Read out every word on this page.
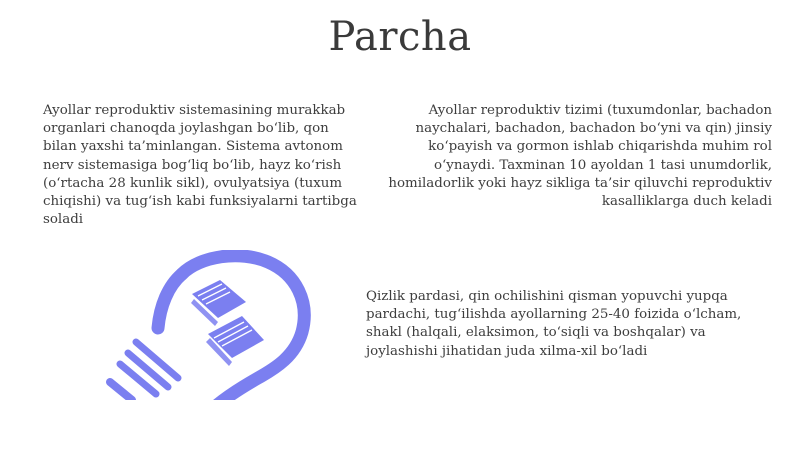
Parcha

Ayollar reproduktiv sistemasining murakkab organlari chanoqda joylashgan bo‘lib, qon bilan yaxshi ta’minlangan. Sistema avtonom nerv sistemasiga bog‘liq bo‘lib, hayz ko‘rish (o‘rtacha 28 kunlik sikl), ovulyatsiya (tuxum chiqishi) va tug‘ish kabi funksiyalarni tartibga soladi

Ayollar reproduktiv tizimi (tuxumdonlar, bachadon naychalari, bachadon, bachadon bo‘yni va qin) jinsiy ko‘payish va gormon ishlab chiqarishda muhim rol o‘ynaydi. Taxminan 10 ayoldan 1 tasi unumdorlik, homiladorlik yoki hayz sikliga ta’sir qiluvchi reproduktiv kasalliklarga duch keladi

Qizlik pardasi, qin ochilishini qisman yopuvchi yupqa pardachi, tug‘ilishda ayollarning 25-40 foizida o‘lcham, shakl (halqali, elaksimon, to‘siqli va boshqalar) va joylashishi jihatidan juda xilma-xil bo‘ladi
